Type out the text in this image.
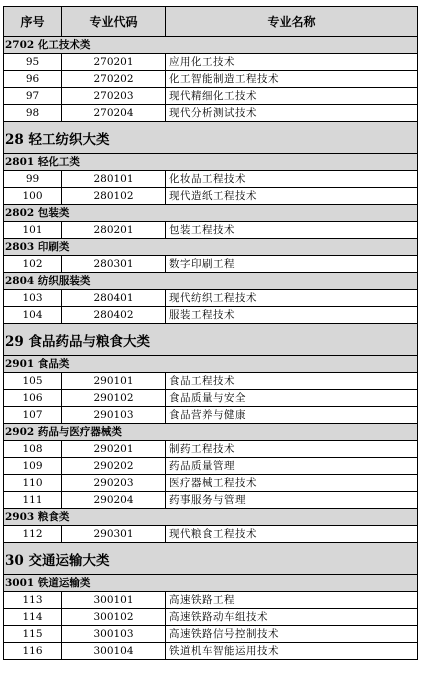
序号	专业代码	专业名称
2702 化工技术类		
95	270201	应用化工技术
96	270202	化工智能制造工程技术
97	270203	现代精细化工技术
98	270204	现代分析测试技术
28 轻工纺织大类		
2801 轻化工类		
99	280101	化妆品工程技术
100	280102	现代造纸工程技术
2802 包装类		
101	280201	包装工程技术
2803 印刷类		
102	280301	数字印刷工程
2804 纺织服装类		
103	280401	现代纺织工程技术
104	280402	服装工程技术
29 食品药品与粮食大类		
2901 食品类		
105	290101	食品工程技术
106	290102	食品质量与安全
107	290103	食品营养与健康
2902 药品与医疗器械类		
108	290201	制药工程技术
109	290202	药品质量管理
110	290203	医疗器械工程技术
111	290204	药事服务与管理
2903 粮食类		
112	290301	现代粮食工程技术
30 交通运输大类		
3001 铁道运输类		
113	300101	高速铁路工程
114	300102	高速铁路动车组技术
115	300103	高速铁路信号控制技术
116	300104	铁道机车智能运用技术
